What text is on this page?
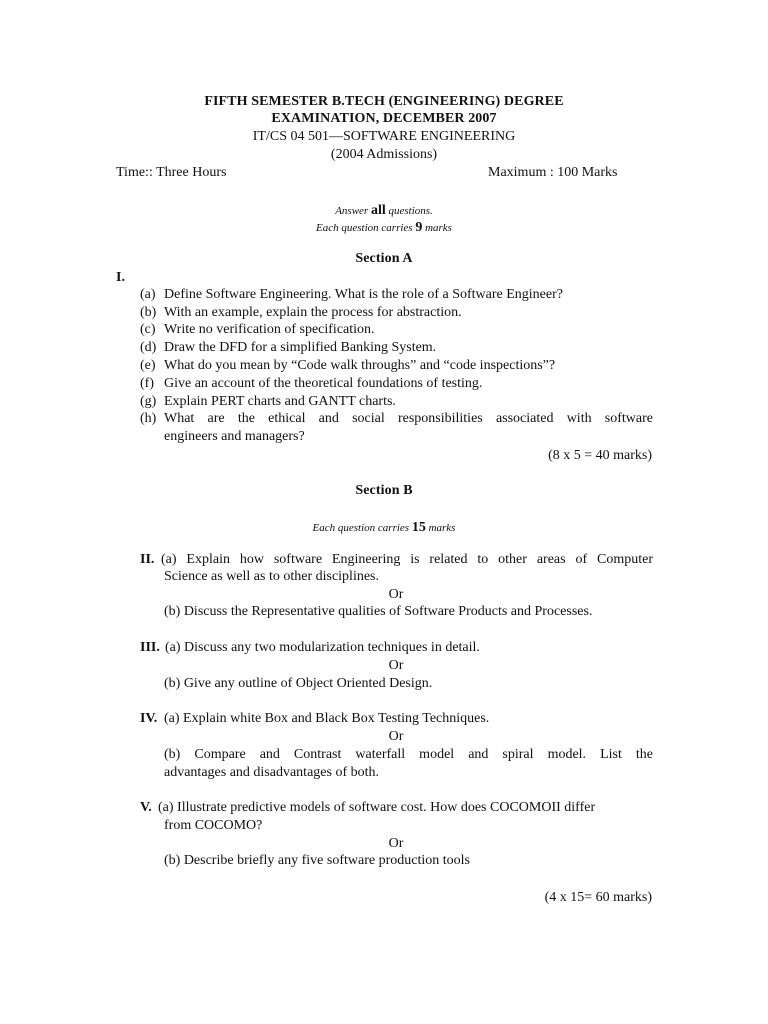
FIFTH SEMESTER B.TECH (ENGINEERING) DEGREE
EXAMINATION, DECEMBER 2007
IT/CS 04 501—SOFTWARE ENGINEERING
(2004 Admissions)
Time:: Three Hours	Maximum : 100 Marks
Answer all questions.
Each question carries 9 marks
Section A
I.
(a) Define Software Engineering. What is the role of a Software Engineer?
(b) With an example, explain the process for abstraction.
(c) Write no verification of specification.
(d) Draw the DFD for a simplified Banking System.
(e) What do you mean by “Code walk throughs” and “code inspections”?
(f) Give an account of the theoretical foundations of testing.
(g) Explain PERT charts and GANTT charts.
(h) What are the ethical and social responsibilities associated with software
engineers and managers?
(8 x 5 = 40 marks)
Section B
Each question carries 15 marks
II. (a) Explain how software Engineering is related to other areas of Computer
Science as well as to other disciplines.
Or
(b) Discuss the Representative qualities of Software Products and Processes.
III. (a) Discuss any two modularization techniques in detail.
Or
(b) Give any outline of Object Oriented Design.
IV. (a) Explain white Box and Black Box Testing Techniques.
Or
(b) Compare and Contrast waterfall model and spiral model. List the
advantages and disadvantages of both.
V. (a) Illustrate predictive models of software cost. How does COCOMOII differ
from COCOMO?
Or
(b) Describe briefly any five software production tools
(4 x 15= 60 marks)
